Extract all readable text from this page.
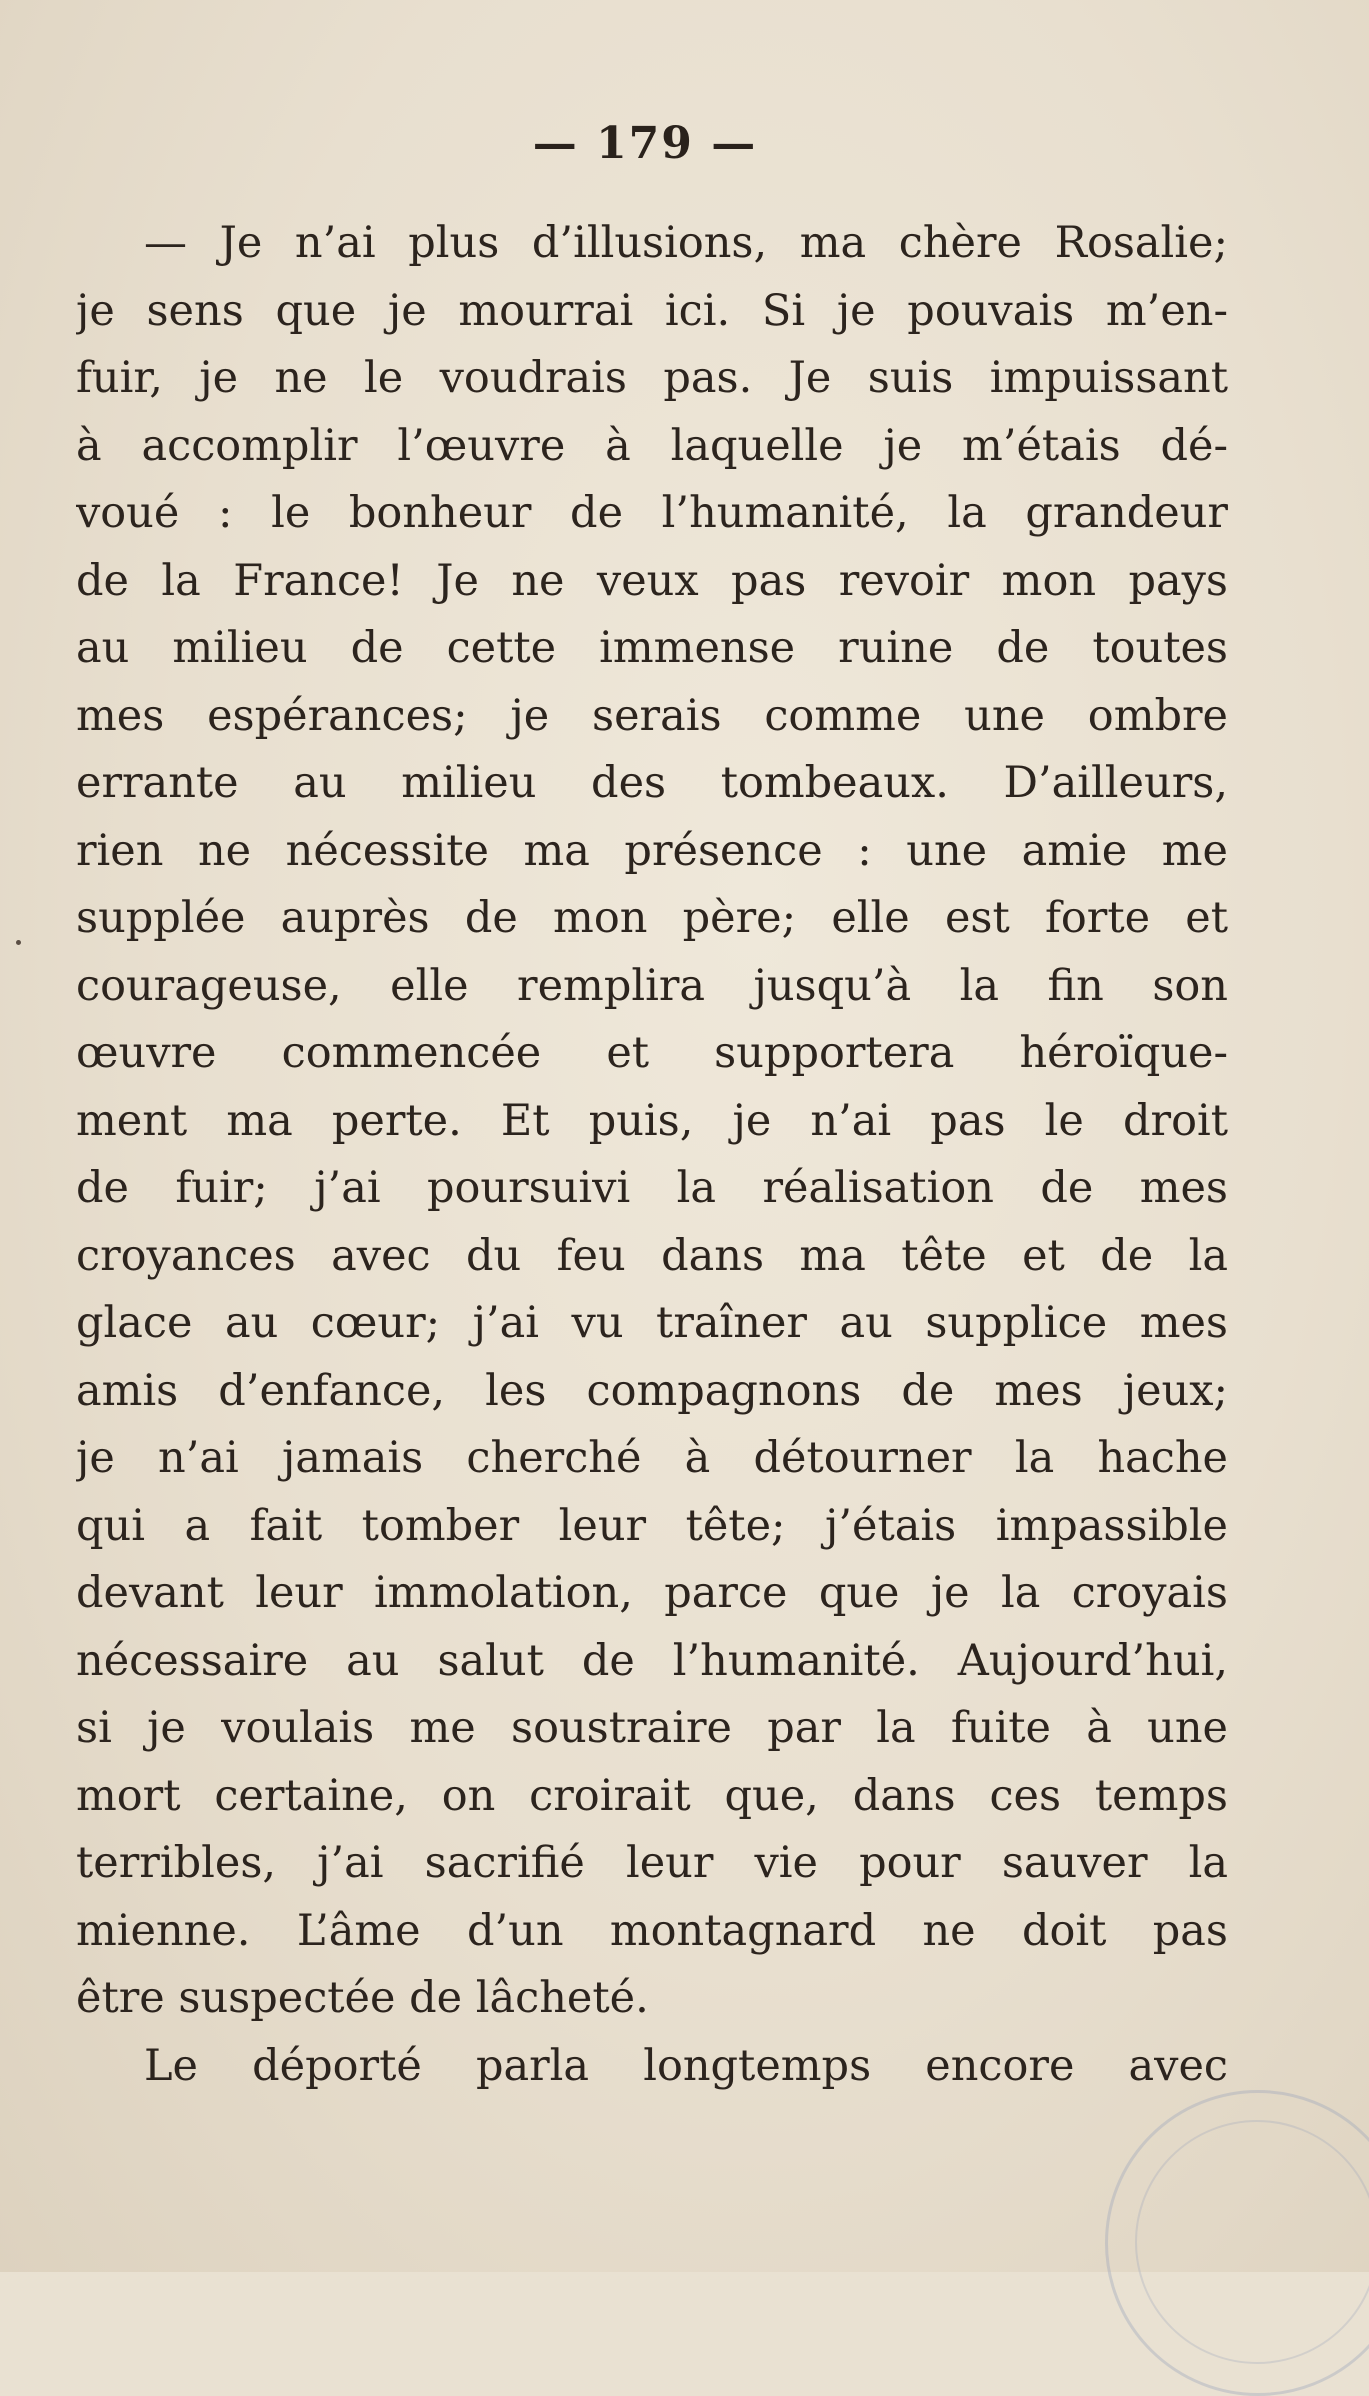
— 179 —
— Je n’ai plus d’illusions, ma chère Rosalie;
je sens que je mourrai ici. Si je pouvais m’en-
fuir, je ne le voudrais pas. Je suis impuissant
à accomplir l’œuvre à laquelle je m’étais dé-
voué : le bonheur de l’humanité, la grandeur
de la France! Je ne veux pas revoir mon pays
au milieu de cette immense ruine de toutes
mes espérances; je serais comme une ombre
errante au milieu des tombeaux. D’ailleurs,
rien ne nécessite ma présence : une amie me
supplée auprès de mon père; elle est forte et
courageuse, elle remplira jusqu’à la fin son
œuvre commencée et supportera héroïque-
ment ma perte. Et puis, je n’ai pas le droit
de fuir; j’ai poursuivi la réalisation de mes
croyances avec du feu dans ma tête et de la
glace au cœur; j’ai vu traîner au supplice mes
amis d’enfance, les compagnons de mes jeux;
je n’ai jamais cherché à détourner la hache
qui a fait tomber leur tête; j’étais impassible
devant leur immolation, parce que je la croyais
nécessaire au salut de l’humanité. Aujourd’hui,
si je voulais me soustraire par la fuite à une
mort certaine, on croirait que, dans ces temps
terribles, j’ai sacrifié leur vie pour sauver la
mienne. L’âme d’un montagnard ne doit pas
être suspectée de lâcheté.
Le déporté parla longtemps encore avec
